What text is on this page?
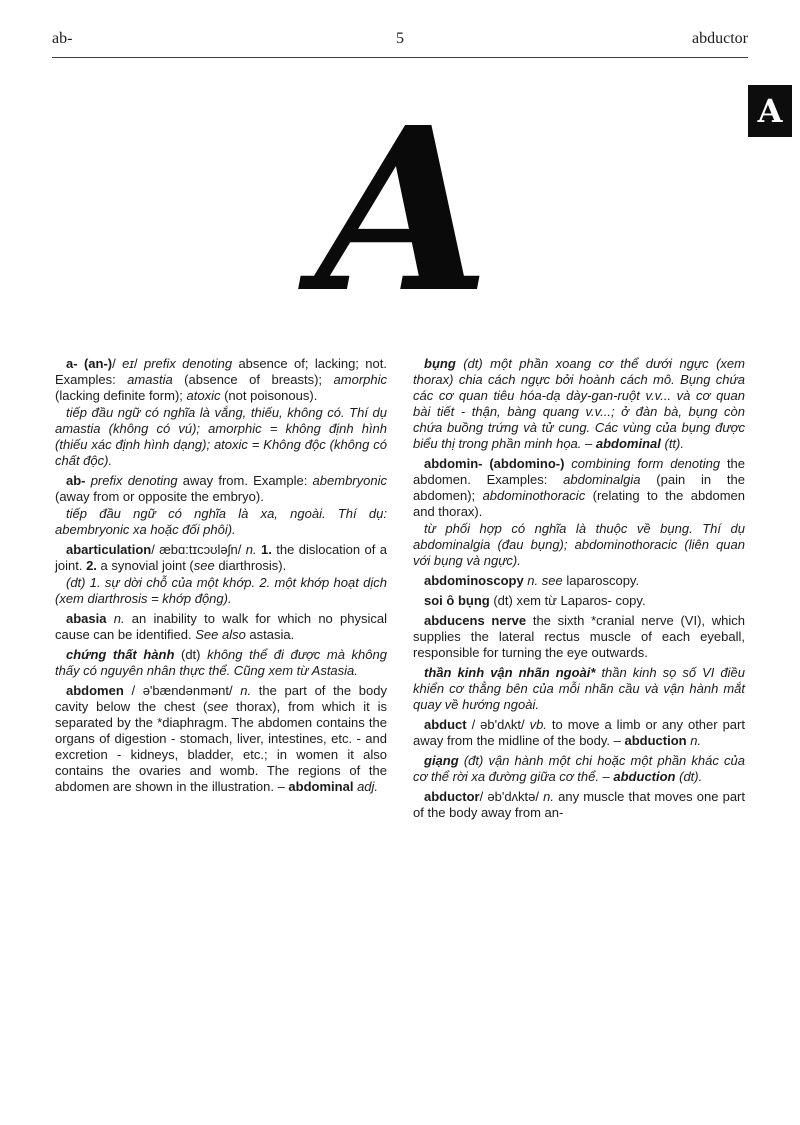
ab-	5	abductor
A
A

a- (an-)/ eɪ/ prefix denoting absence of; lacking; not. Examples: amastia (absence of breasts); amorphic (lacking definite form); atoxic (not poisonous).

tiếp đầu ngữ có nghĩa là vắng, thiếu, không có. Thí dụ amastia (không có vú); amorphic = không định hình (thiếu xác định hình dạng); atoxic = Không độc (không có chất độc).

ab- prefix denoting away from. Example: abembryonic (away from or opposite the embryo).

tiếp đầu ngữ có nghĩa là xa, ngoài. Thí dụ: abembryonic xa hoặc đối phôi).

abarticulation/ æbɑ:tɪcɔʊləʃn/ n. 1. the dislocation of a joint. 2. a synovial joint (see diarthrosis).

(dt) 1. sự dời chỗ của một khớp. 2. một khớp hoạt dịch (xem diarthrosis = khớp động).

abasia n. an inability to walk for which no physical cause can be identified. See also astasia.

chứng thất hành (dt) không thể đi được mà không thấy có nguyên nhân thực thể. Cũng xem từ Astasia.

abdomen / ə'bændənmənt/ n. the part of the body cavity below the chest (see thorax), from which it is separated by the *diaphragm. The abdomen contains the organs of digestion - stomach, liver, intestines, etc. - and excretion - kidneys, bladder, etc.; in women it also contains the ovaries and womb. The regions of the abdomen are shown in the illustration. – abdominal adj.

bụng (dt) một phần xoang cơ thể dưới ngực (xem thorax) chia cách ngực bởi hoành cách mô. Bụng chứa các cơ quan tiêu hóa-dạ dày-gan-ruột v.v... và cơ quan bài tiết - thận, bàng quang v.v...; ở đàn bà, bụng còn chứa buồng trứng và tử cung. Các vùng của bụng được biểu thị trong phần minh họa. – abdominal (tt).

abdomin- (abdomino-) combining form denoting the abdomen. Examples: abdominalgia (pain in the abdomen); abdominothoracic (relating to the abdomen and thorax).

từ phối hợp có nghĩa là thuộc về bụng. Thí dụ abdominalgia (đau bụng); abdominothoracic (liên quan với bụng và ngực).

abdominoscopy n. see laparoscopy.

soi ô bụng (dt) xem từ Laparos- copy.

abducens nerve the sixth *cranial nerve (VI), which supplies the lateral rectus muscle of each eyeball, responsible for turning the eye outwards.

thần kinh vận nhãn ngoài* thần kinh sọ số VI điều khiển cơ thẳng bên của mỗi nhãn cầu và vận hành mắt quay về hướng ngoài.

abduct / əb'dʌkt/ vb. to move a limb or any other part away from the midline of the body. – abduction n.

giạng (đt) vận hành một chi hoặc một phần khác của cơ thể rời xa đường giữa cơ thể. – abduction (dt).

abductor/ əb'dʌktə/ n. any muscle that moves one part of the body away from an-
